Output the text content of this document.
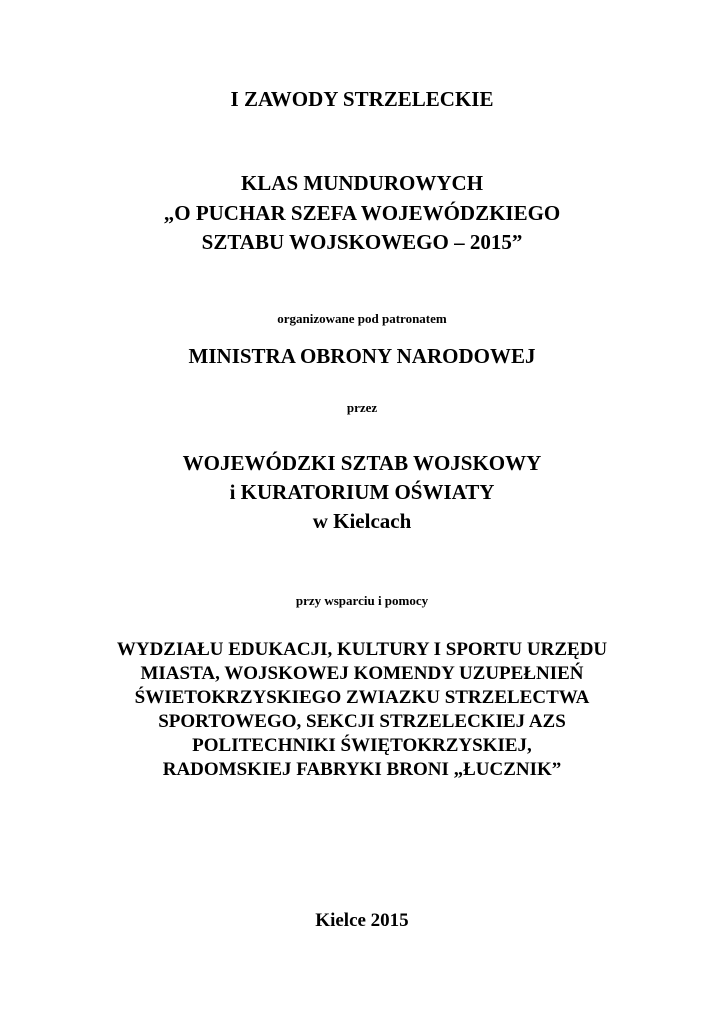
I ZAWODY STRZELECKIE
KLAS MUNDUROWYCH
„O PUCHAR SZEFA WOJEWÓDZKIEGO
SZTABU WOJSKOWEGO – 2015”
organizowane pod patronatem
MINISTRA OBRONY NARODOWEJ
przez
WOJEWÓDZKI SZTAB WOJSKOWY
i KURATORIUM OŚWIATY
w Kielcach
przy wsparciu i pomocy
WYDZIAŁU EDUKACJI, KULTURY I SPORTU URZĘDU
MIASTA, WOJSKOWEJ KOMENDY UZUPEŁNIEŃ
ŚWIETOKRZYSKIEGO ZWIAZKU STRZELECTWA
SPORTOWEGO, SEKCJI STRZELECKIEJ AZS
POLITECHNIKI ŚWIĘTOKRZYSKIEJ,
RADOMSKIEJ FABRYKI BRONI „ŁUCZNIK”
Kielce 2015
